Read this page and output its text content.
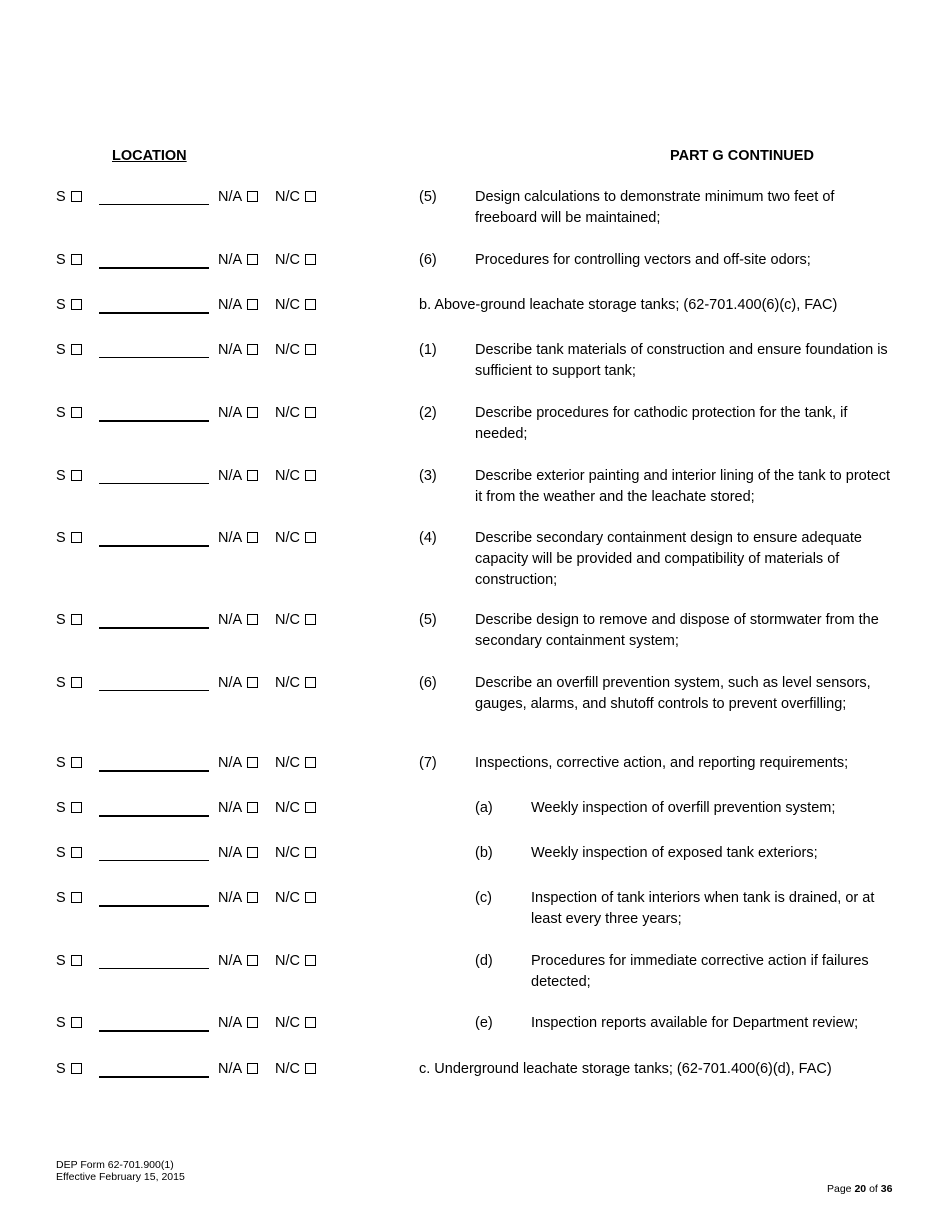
LOCATION	PART G CONTINUED
S	N/A	N/C	(5)	Design calculations to demonstrate minimum two feet of freeboard will be maintained;
S	N/A	N/C	(6)	Procedures for controlling vectors and off-site odors;
S	N/A	N/C	b. Above-ground leachate storage tanks; (62-701.400(6)(c), FAC)
S	N/A	N/C	(1)	Describe tank materials of construction and ensure foundation is sufficient to support tank;
S	N/A	N/C	(2)	Describe procedures for cathodic protection for the tank, if needed;
S	N/A	N/C	(3)	Describe exterior painting and interior lining of the tank to protect it from the weather and the leachate stored;
S	N/A	N/C	(4)	Describe secondary containment design to ensure adequate capacity will be provided and compatibility of materials of construction;
S	N/A	N/C	(5)	Describe design to remove and dispose of stormwater from the secondary containment system;
S	N/A	N/C	(6)	Describe an overfill prevention system, such as level sensors, gauges, alarms, and shutoff controls to prevent overfilling;
S	N/A	N/C	(7)	Inspections, corrective action, and reporting requirements;
S	N/A	N/C	(a)	Weekly inspection of overfill prevention system;
S	N/A	N/C	(b)	Weekly inspection of exposed tank exteriors;
S	N/A	N/C	(c)	Inspection of tank interiors when tank is drained, or at least every three years;
S	N/A	N/C	(d)	Procedures for immediate corrective action if failures detected;
S	N/A	N/C	(e)	Inspection reports available for Department review;
S	N/A	N/C	c. Underground leachate storage tanks; (62-701.400(6)(d), FAC)
DEP Form 62-701.900(1)
Effective February 15, 2015
Page 20 of 36
